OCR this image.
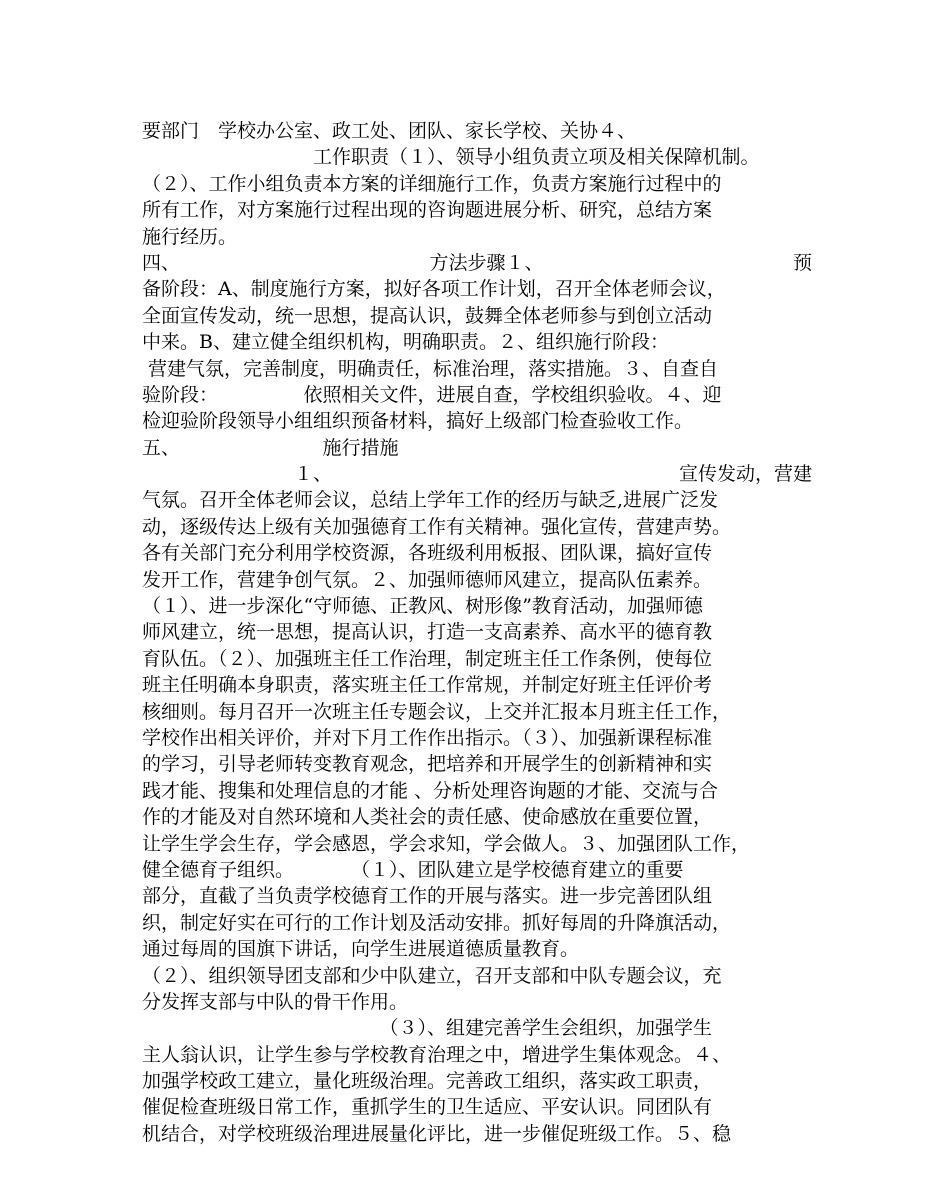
要部门　学校办公室、政工处、团队、家长学校、关协４、
　　　　　　　　　工作职责（１）、领导小组负责立项及相关保障机制。
（２）、工作小组负责本方案的详细施行工作，负责方案施行过程中的
所有工作，对方案施行过程出现的咨询题进展分析、研究，总结方案
施行经历。
四、	方法步骤１、	预
备阶段：A、制度施行方案，拟好各项工作计划，召开全体老师会议，
全面宣传发动，统一思想，提高认识，鼓舞全体老师参与到创立活动
中来。B、建立健全组织机构，明确职责。２、组织施行阶段：
营建气氛，完善制度，明确责任，标准治理，落实措施。３、自查自
验阶段：　　　　　依照相关文件，进展自查，学校组织验收。４、迎
检迎验阶段领导小组组织预备材料，搞好上级部门检查验收工作。
五、　　　　　　　　施行措施
　　　　　　　　１、	宣传发动，营建
气氛。召开全体老师会议，总结上学年工作的经历与缺乏,进展广泛发
动，逐级传达上级有关加强德育工作有关精神。强化宣传，营建声势。
各有关部门充分利用学校资源，各班级利用板报、团队课，搞好宣传
发开工作，营建争创气氛。２、加强师德师风建立，提高队伍素养。
（１）、进一步深化“守师德、正教风、树形像”教育活动，加强师德
师风建立，统一思想，提高认识，打造一支高素养、高水平的德育教
育队伍。（２）、加强班主任工作治理，制定班主任工作条例，使每位
班主任明确本身职责，落实班主任工作常规，并制定好班主任评价考
核细则。每月召开一次班主任专题会议，上交并汇报本月班主任工作，
学校作出相关评价，并对下月工作作出指示。（３）、加强新课程标准
的学习，引导老师转变教育观念，把培养和开展学生的创新精神和实
践才能、搜集和处理信息的才能 、分析处理咨询题的才能、交流与合
作的才能及对自然环境和人类社会的责任感、使命感放在重要位置，
让学生学会生存，学会感恩，学会求知，学会做人。３、加强团队工作，
健全德育子组织。　　　　（１）、团队建立是学校德育建立的重要
部分，直截了当负责学校德育工作的开展与落实。进一步完善团队组
织，制定好实在可行的工作计划及活动安排。抓好每周的升降旗活动，
通过每周的国旗下讲话，向学生进展道德质量教育。
（２）、组织领导团支部和少中队建立，召开支部和中队专题会议，充
分发挥支部与中队的骨干作用。
　　　　　　　　　　　　　（３）、组建完善学生会组织，加强学生
主人翁认识，让学生参与学校教育治理之中，增进学生集体观念。４、
加强学校政工建立，量化班级治理。完善政工组织，落实政工职责，
催促检查班级日常工作，重抓学生的卫生适应、平安认识。同团队有
机结合，对学校班级治理进展量化评比，进一步催促班级工作。５、稳
